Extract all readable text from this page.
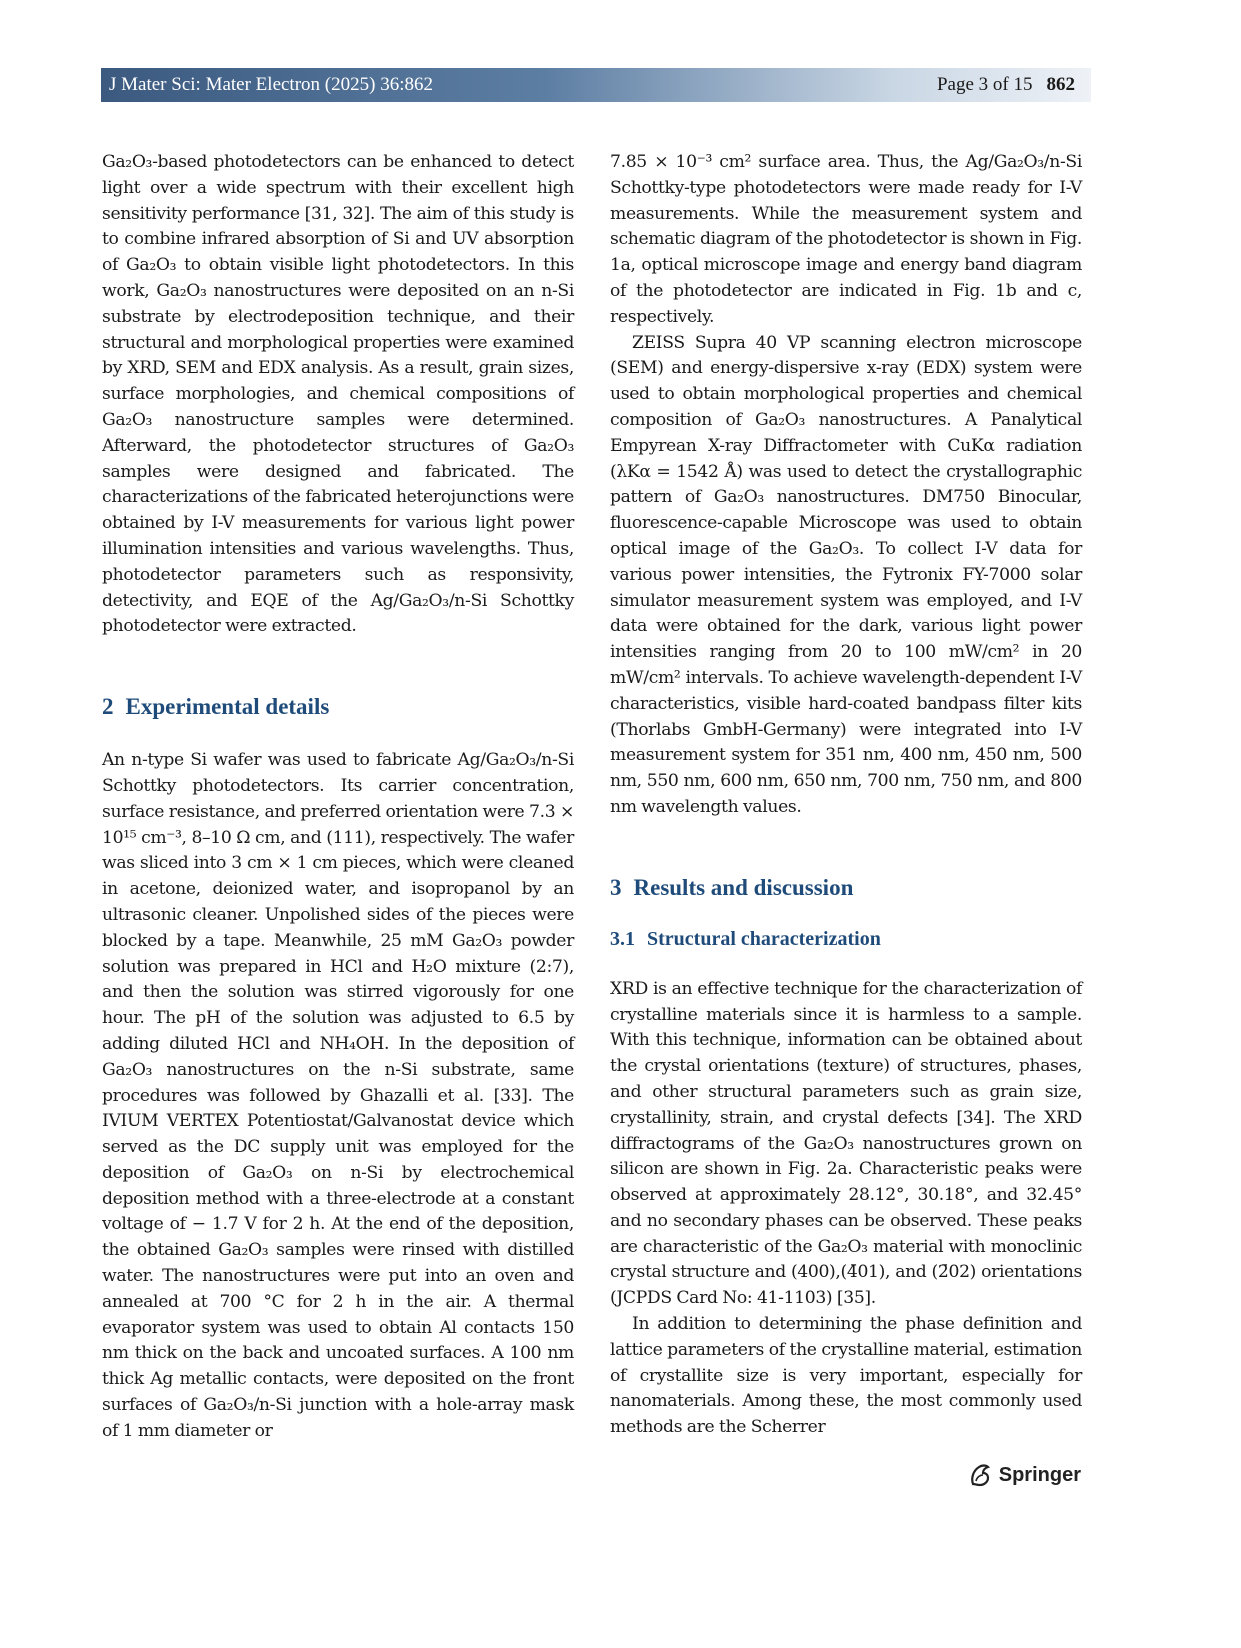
J Mater Sci: Mater Electron (2025) 36:862	Page 3 of 15 862

Ga₂O₃-based photodetectors can be enhanced to detect light over a wide spectrum with their excellent high sensitivity performance [31, 32]. The aim of this study is to combine infrared absorption of Si and UV absorption of Ga₂O₃ to obtain visible light photodetectors. In this work, Ga₂O₃ nanostructures were deposited on an n-Si substrate by electrodeposition technique, and their structural and morphological properties were examined by XRD, SEM and EDX analysis. As a result, grain sizes, surface morphologies, and chemical compositions of Ga₂O₃ nanostructure samples were determined. Afterward, the photodetector structures of Ga₂O₃ samples were designed and fabricated. The characterizations of the fabricated heterojunctions were obtained by I-V measurements for various light power illumination intensities and various wavelengths. Thus, photodetector parameters such as responsivity, detectivity, and EQE of the Ag/Ga₂O₃/n-Si Schottky photodetector were extracted.

2 Experimental details

An n-type Si wafer was used to fabricate Ag/Ga₂O₃/n-Si Schottky photodetectors. Its carrier concentration, surface resistance, and preferred orientation were 7.3 × 10¹⁵ cm⁻³, 8–10 Ω cm, and (111), respectively. The wafer was sliced into 3 cm × 1 cm pieces, which were cleaned in acetone, deionized water, and isopropanol by an ultrasonic cleaner. Unpolished sides of the pieces were blocked by a tape. Meanwhile, 25 mM Ga₂O₃ powder solution was prepared in HCl and H₂O mixture (2:7), and then the solution was stirred vigorously for one hour. The pH of the solution was adjusted to 6.5 by adding diluted HCl and NH₄OH. In the deposition of Ga₂O₃ nanostructures on the n-Si substrate, same procedures was followed by Ghazalli et al. [33]. The IVIUM VERTEX Potentiostat/Galvanostat device which served as the DC supply unit was employed for the deposition of Ga₂O₃ on n-Si by electrochemical deposition method with a three-electrode at a constant voltage of − 1.7 V for 2 h. At the end of the deposition, the obtained Ga₂O₃ samples were rinsed with distilled water. The nanostructures were put into an oven and annealed at 700 °C for 2 h in the air. A thermal evaporator system was used to obtain Al contacts 150 nm thick on the back and uncoated surfaces. A 100 nm thick Ag metallic contacts, were deposited on the front surfaces of Ga₂O₃/n-Si junction with a hole-array mask of 1 mm diameter or

7.85 × 10⁻³ cm² surface area. Thus, the Ag/Ga₂O₃/n-Si Schottky-type photodetectors were made ready for I-V measurements. While the measurement system and schematic diagram of the photodetector is shown in Fig. 1a, optical microscope image and energy band diagram of the photodetector are indicated in Fig. 1b and c, respectively.

ZEISS Supra 40 VP scanning electron microscope (SEM) and energy-dispersive x-ray (EDX) system were used to obtain morphological properties and chemical composition of Ga₂O₃ nanostructures. A Panalytical Empyrean X-ray Diffractometer with CuKα radiation (λKα = 1542 Å) was used to detect the crystallographic pattern of Ga₂O₃ nanostructures. DM750 Binocular, fluorescence-capable Microscope was used to obtain optical image of the Ga₂O₃. To collect I-V data for various power intensities, the Fytronix FY-7000 solar simulator measurement system was employed, and I-V data were obtained for the dark, various light power intensities ranging from 20 to 100 mW/cm² in 20 mW/cm² intervals. To achieve wavelength-dependent I-V characteristics, visible hard-coated bandpass filter kits (Thorlabs GmbH-Germany) were integrated into I-V measurement system for 351 nm, 400 nm, 450 nm, 500 nm, 550 nm, 600 nm, 650 nm, 700 nm, 750 nm, and 800 nm wavelength values.

3 Results and discussion
3.1 Structural characterization

XRD is an effective technique for the characterization of crystalline materials since it is harmless to a sample. With this technique, information can be obtained about the crystal orientations (texture) of structures, phases, and other structural parameters such as grain size, crystallinity, strain, and crystal defects [34]. The XRD diffractograms of the Ga₂O₃ nanostructures grown on silicon are shown in Fig. 2a. Characteristic peaks were observed at approximately 28.12°, 30.18°, and 32.45° and no secondary phases can be observed. These peaks are characteristic of the Ga₂O₃ material with monoclinic crystal structure and (400),(4̄01), and (2̄02) orientations (JCPDS Card No: 41-1103) [35].

In addition to determining the phase definition and lattice parameters of the crystalline material, estimation of crystallite size is very important, especially for nanomaterials. Among these, the most commonly used methods are the Scherrer

Springer
